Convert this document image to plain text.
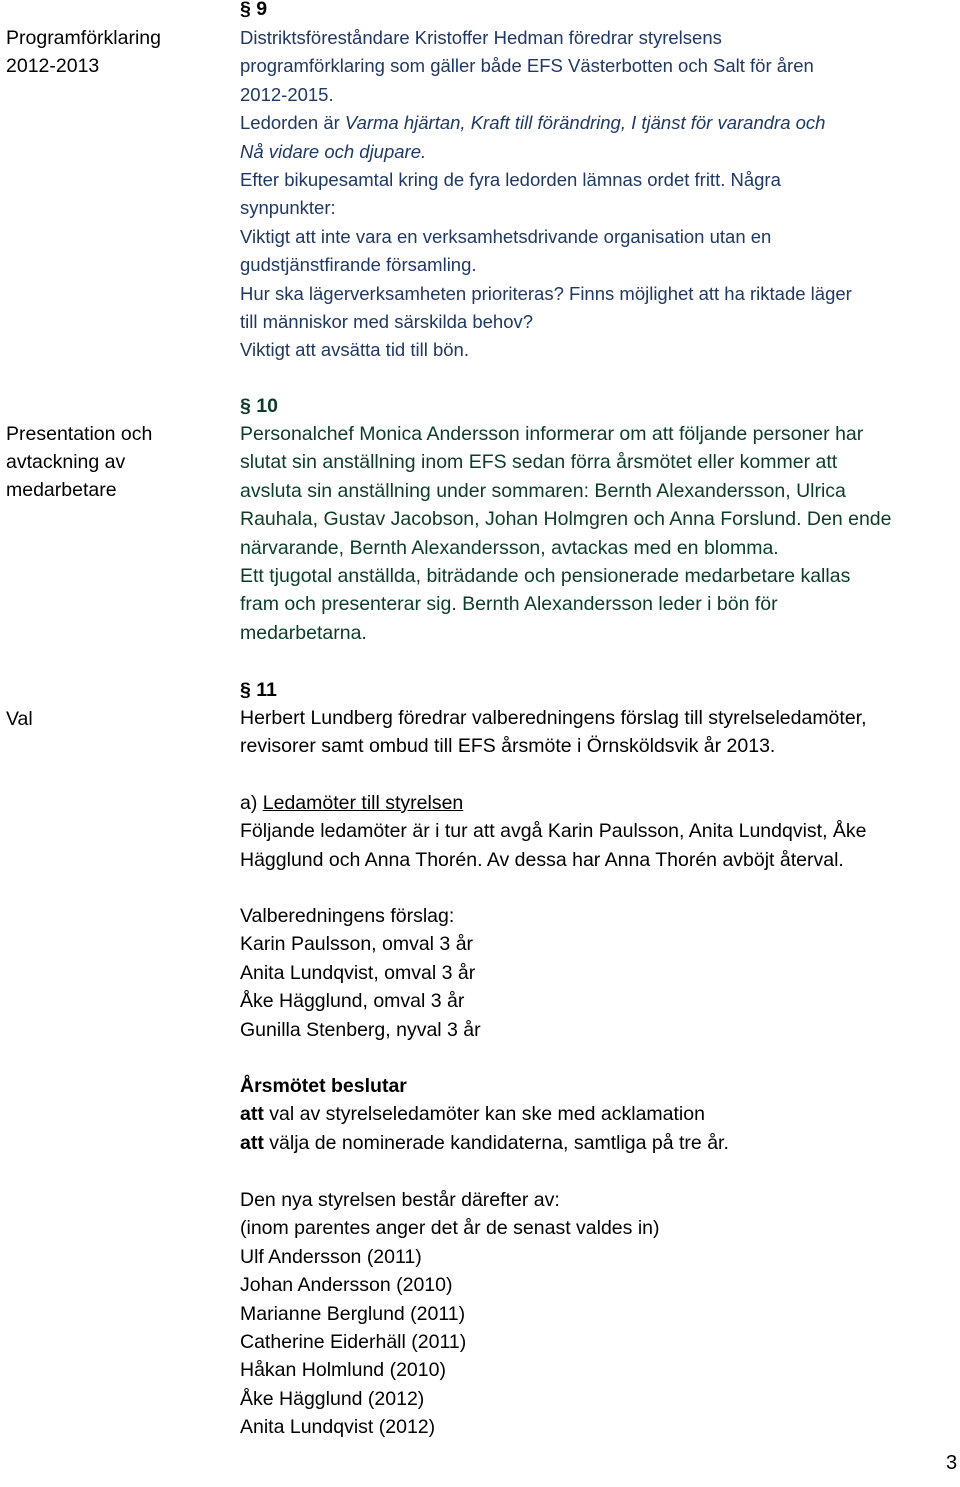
Programförklaring
2012-2013
Presentation och
avtackning av
medarbetare
Val
§ 9
Distriktsföreståndare Kristoffer Hedman föredrar styrelsens
programförklaring som gäller både EFS Västerbotten och Salt för åren
2012-2015.
Ledorden är Varma hjärtan, Kraft till förändring, I tjänst för varandra och
Nå vidare och djupare.
Efter bikupesamtal kring de fyra ledorden lämnas ordet fritt. Några
synpunkter:
Viktigt att inte vara en verksamhetsdrivande organisation utan en
gudstjänstfirande församling.
Hur ska lägerverksamheten prioriteras? Finns möjlighet att ha riktade läger
till människor med särskilda behov?
Viktigt att avsätta tid till bön.
§ 10
Personalchef Monica Andersson informerar om att följande personer har
slutat sin anställning inom EFS sedan förra årsmötet eller kommer att
avsluta sin anställning under sommaren: Bernth Alexandersson, Ulrica
Rauhala, Gustav Jacobson, Johan Holmgren och Anna Forslund. Den ende
närvarande, Bernth Alexandersson, avtackas med en blomma.
Ett tjugotal anställda, biträdande och pensionerade medarbetare kallas
fram och presenterar sig. Bernth Alexandersson leder i bön för
medarbetarna.
§ 11
Herbert Lundberg föredrar valberedningens förslag till styrelseledamöter,
revisorer samt ombud till EFS årsmöte i Örnsköldsvik år 2013.
a) Ledamöter till styrelsen
Följande ledamöter är i tur att avgå Karin Paulsson, Anita Lundqvist, Åke
Hägglund och Anna Thorén. Av dessa har Anna Thorén avböjt återval.
Valberedningens förslag:
Karin Paulsson, omval 3 år
Anita Lundqvist, omval 3 år
Åke Hägglund, omval 3 år
Gunilla Stenberg, nyval 3 år
Årsmötet beslutar
att val av styrelseledamöter kan ske med acklamation
att välja de nominerade kandidaterna, samtliga på tre år.
Den nya styrelsen består därefter av:
(inom parentes anger det år de senast valdes in)
Ulf Andersson (2011)
Johan Andersson (2010)
Marianne Berglund (2011)
Catherine Eiderhäll (2011)
Håkan Holmlund (2010)
Åke Hägglund (2012)
Anita Lundqvist (2012)
3
